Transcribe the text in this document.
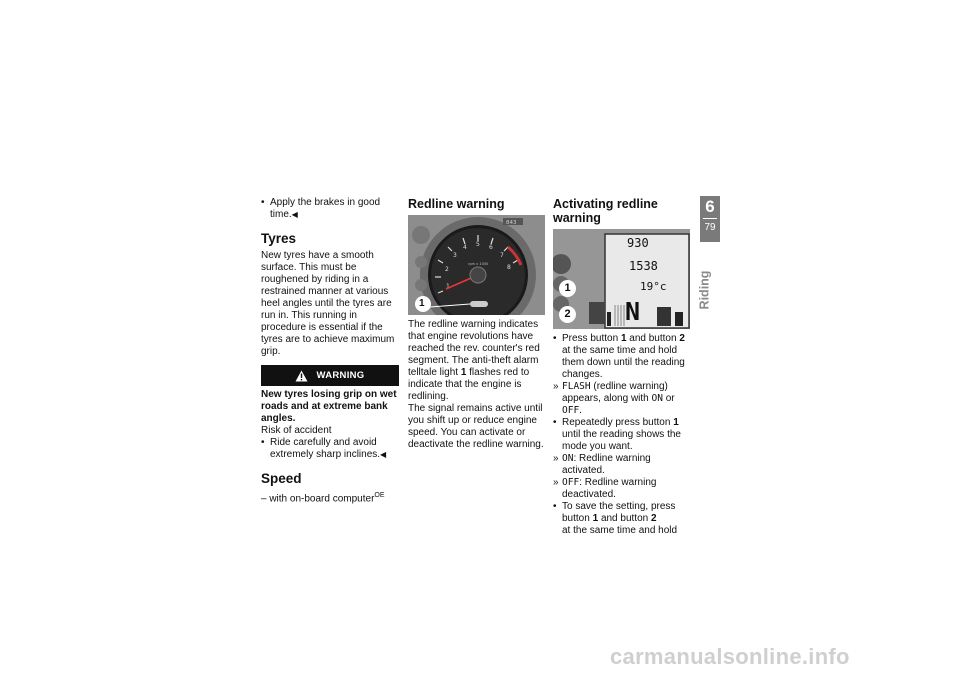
• Apply the brakes in good time.◀
Tyres

New tyres have a smooth surface. This must be roughened by riding in a restrained manner at various heel angles until the tyres are run in. This running in procedure is essential if the tyres are to achieve maximum grip.

WARNING

New tyres losing grip on wet roads and at extreme bank angles.

Risk of accident

• Ride carefully and avoid extremely sharp inclines.◀
Speed

– with on-board computer$^{OE}$

Redline warning
1
2
3
4 5 6
7
8
rpm x 1000
843
1

The redline warning indicates that engine revolutions have reached the rev. counter's red segment. The anti-theft alarm telltale light 1 flashes red to indicate that the engine is redlining.

The signal remains active until you shift up or reduce engine speed. You can activate or deactivate the redline warning.

Activating redline warning
930
1538
19°c
N
1
2
• Press button 1 and button 2 at the same time and hold them down until the reading changes.
» FLASH (redline warning) appears, along with ON or OFF.
• Repeatedly press button 1 until the reading shows the mode you want.
» ON: Redline warning activated.
» OFF: Redline warning deactivated.
• To save the setting, press button 1 and button 2
at the same time and hold
6
79
Riding
carmanualsonline.info
